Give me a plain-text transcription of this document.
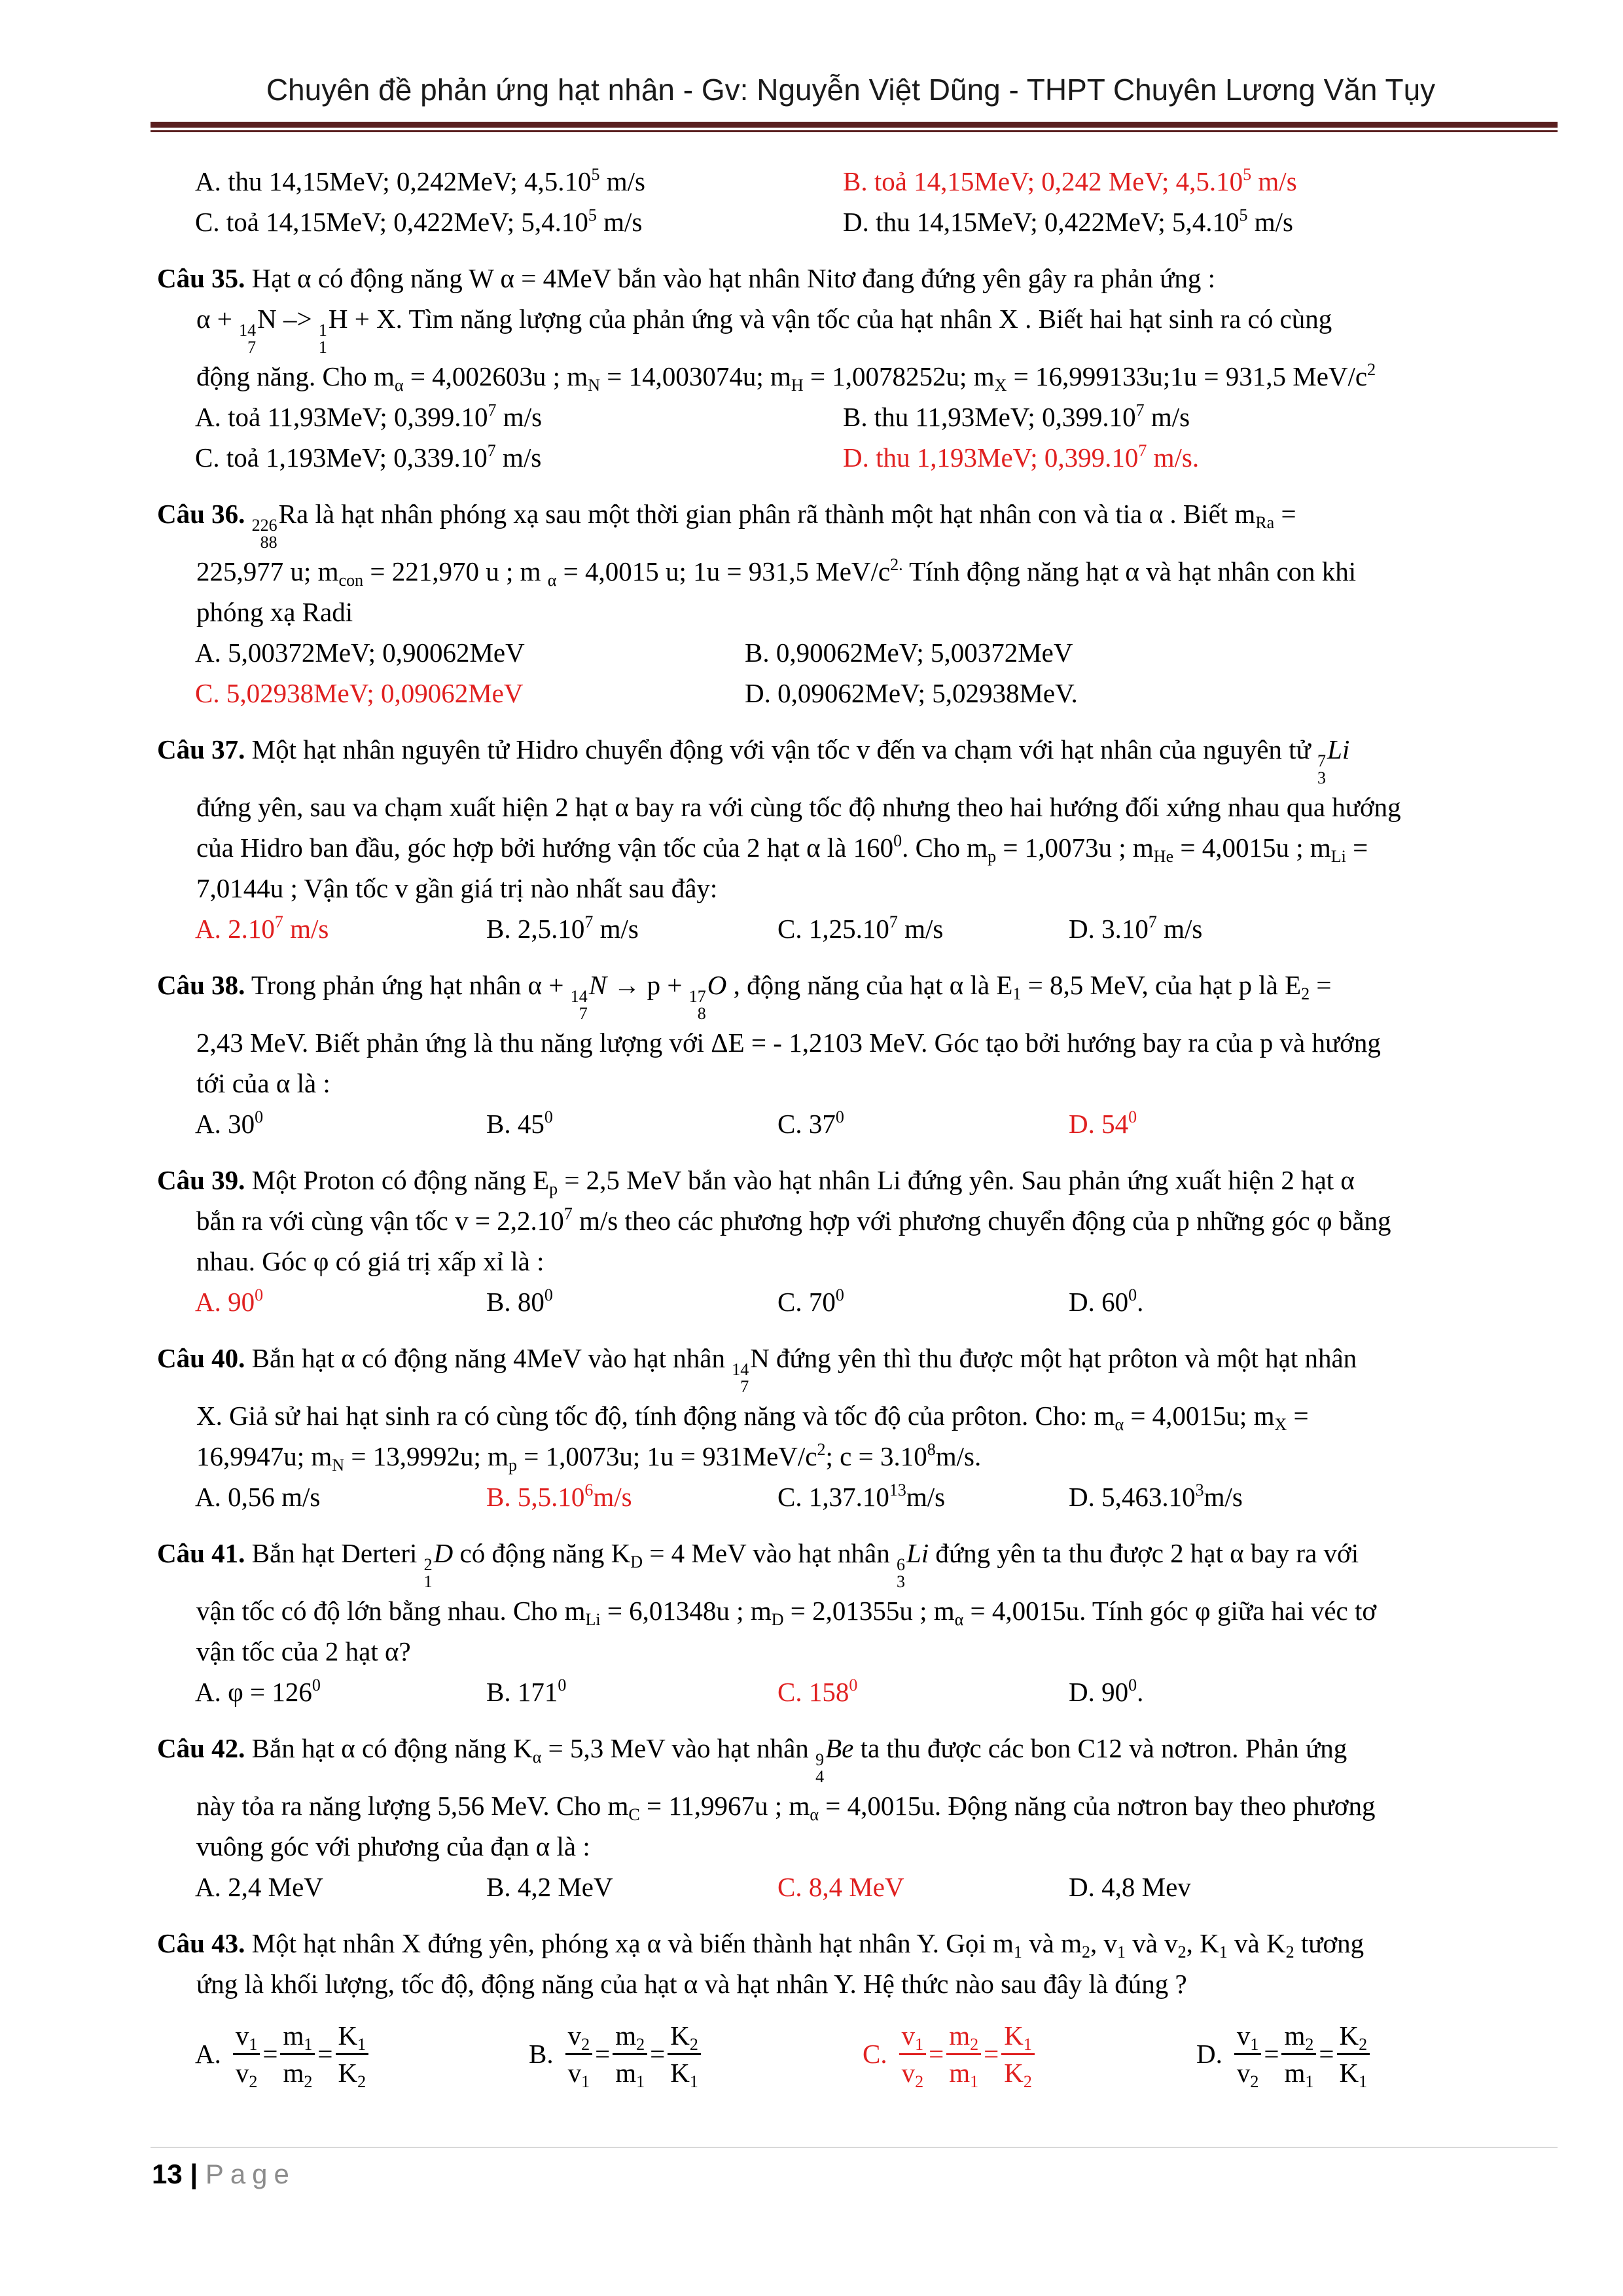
Chuyên đề phản ứng hạt nhân - Gv: Nguyễn Việt Dũng - THPT Chuyên Lương Văn Tụy
A. thu 14,15MeV; 0,242MeV; 4,5.10$^5$ m/s	B. toả 14,15MeV; 0,242 MeV; 4,5.10$^5$ m/s
C. toả 14,15MeV; 0,422MeV; 5,4.10$^5$ m/s	D. thu 14,15MeV; 0,422MeV; 5,4.10$^5$ m/s

Câu 35. Hạt α có động năng W α = 4MeV bắn vào hạt nhân Nitơ đang đứng yên gây ra phản ứng :

α + 14
7
N –> 1
1
H + X. Tìm năng lượng của phản ứng và vận tốc của hạt nhân X . Biết hai hạt sinh ra có cùng

động năng. Cho $m_\alpha = 4,002603u$ ; $m_N = 14,003074u$; $m_H = 1,0078252u$; $m_X$ = 16,999133u;1u = 931,5 MeV/$c^2$

A. toả 11,93MeV; 0,399.10$^7$ m/s	B. thu 11,93MeV; 0,399.10$^7$ m/s
C. toả 1,193MeV; 0,339.10$^7$ m/s	D. thu 1,193MeV; 0,399.10$^7$ m/s.

Câu 36. 226
88
Ra là hạt nhân phóng xạ sau một thời gian phân rã thành một hạt nhân con và tia α . Biết $m_{Ra}$ =

225,977 u; $m_{con} = 221,970$ u ; m $_\alpha$ = 4,0015 u; 1u = 931,5 MeV/$c^{2.}$ Tính động năng hạt α và hạt nhân con khi

phóng xạ Radi

A. 5,00372MeV; 0,90062MeV	B. 0,90062MeV; 5,00372MeV
C. 5,02938MeV; 0,09062MeV	D. 0,09062MeV; 5,02938MeV.

Câu 37. Một hạt nhân nguyên tử Hidro chuyển động với vận tốc v đến va chạm với hạt nhân của nguyên tử 7
3
Li

đứng yên, sau va chạm xuất hiện 2 hạt α bay ra với cùng tốc độ nhưng theo hai hướng đối xứng nhau qua hướng

của Hidro ban đầu, góc hợp bởi hướng vận tốc của 2 hạt α là $160^0$. Cho $m_p = 1,0073u$ ; $m_{He} = 4,0015u$ ; $m_{Li}$ =

7,0144u ; Vận tốc v gần giá trị nào nhất sau đây:

A. 2.10$^7$ m/s	B. 2,5.10$^7$ m/s	C. 1,25.10$^7$ m/s	D. 3.10$^7$ m/s

Câu 38. Trong phản ứng hạt nhân α + 14
7
N → p + 17
8
O , động năng của hạt α là $E_1 = 8,5$ MeV, của hạt p là $E_2$ =

2,43 MeV. Biết phản ứng là thu năng lượng với ΔE = - 1,2103 MeV. Góc tạo bởi hướng bay ra của p và hướng

tới của α là :

A. $30^0$	B. $45^0$	C. $37^0$	D. $54^0$

Câu 39. Một Proton có động năng $E_p = 2,5$ MeV bắn vào hạt nhân Li đứng yên. Sau phản ứng xuất hiện 2 hạt α

bắn ra với cùng vận tốc $v = 2,2.10^7$ m/s theo các phương hợp với phương chuyển động của p những góc φ bằng

nhau. Góc φ có giá trị xấp xỉ là :

A. $90^0$	B. $80^0$	C. $70^0$	D. $60^0$.

Câu 40. Bắn hạt α có động năng 4MeV vào hạt nhân 14
7
N đứng yên thì thu được một hạt prôton và một hạt nhân

X. Giả sử hai hạt sinh ra có cùng tốc độ, tính động năng và tốc độ của prôton. Cho: $m_\alpha = 4,0015u$; $m_X$ =

16,9947u; $m_N = 13,9992u$; $m_p = 1,0073u$; $1u = 931MeV/c^2$; $c = 3.10^8m/s$.

A. 0,56 m/s	B. 5,5.10$^6$m/s	C. 1,37.10$^{13}$m/s	D. 5,463.10$^3$m/s

Câu 41. Bắn hạt Derteri 2
1
D có động năng $K_D = 4$ MeV vào hạt nhân 6
3
Li đứng yên ta thu được 2 hạt α bay ra với

vận tốc có độ lớn bằng nhau. Cho $m_{Li} = 6,01348u$ ; $m_D = 2,01355u$ ; $m_\alpha = 4,0015u$. Tính góc φ giữa hai véc tơ

vận tốc của 2 hạt α?

A. $\varphi = 126^0$	B. $171^0$	C. $158^0$	D. $90^0$.

Câu 42. Bắn hạt α có động năng $K_\alpha = 5,3$ MeV vào hạt nhân 9
4
Be ta thu được các bon C12 và nơtron. Phản ứng

này tỏa ra năng lượng 5,56 MeV. Cho $m_C = 11,9967u$ ; $m_\alpha = 4,0015u$. Động năng của nơtron bay theo phương

vuông góc với phương của đạn α là :

A. 2,4 MeV	B. 4,2 MeV	C. 8,4 MeV	D. 4,8 Mev

Câu 43. Một hạt nhân X đứng yên, phóng xạ α và biến thành hạt nhân Y. Gọi $m_1$ và $m_2$, $v_1$ và $v_2$, $K_1$ và $K_2$ tương

ứng là khối lượng, tốc độ, động năng của hạt α và hạt nhân Y. Hệ thức nào sau đây là đúng ?

A. $\frac{v_1}{v_2} = \frac{m_1}{m_2} = \frac{K_1}{K_2}$	B. $\frac{v_2}{v_1} = \frac{m_2}{m_1} = \frac{K_2}{K_1}$	C. $\frac{v_1}{v_2} = \frac{m_2}{m_1} = \frac{K_1}{K_2}$	D. $\frac{v_1}{v_2} = \frac{m_2}{m_1} = \frac{K_2}{K_1}$
13 | Page
